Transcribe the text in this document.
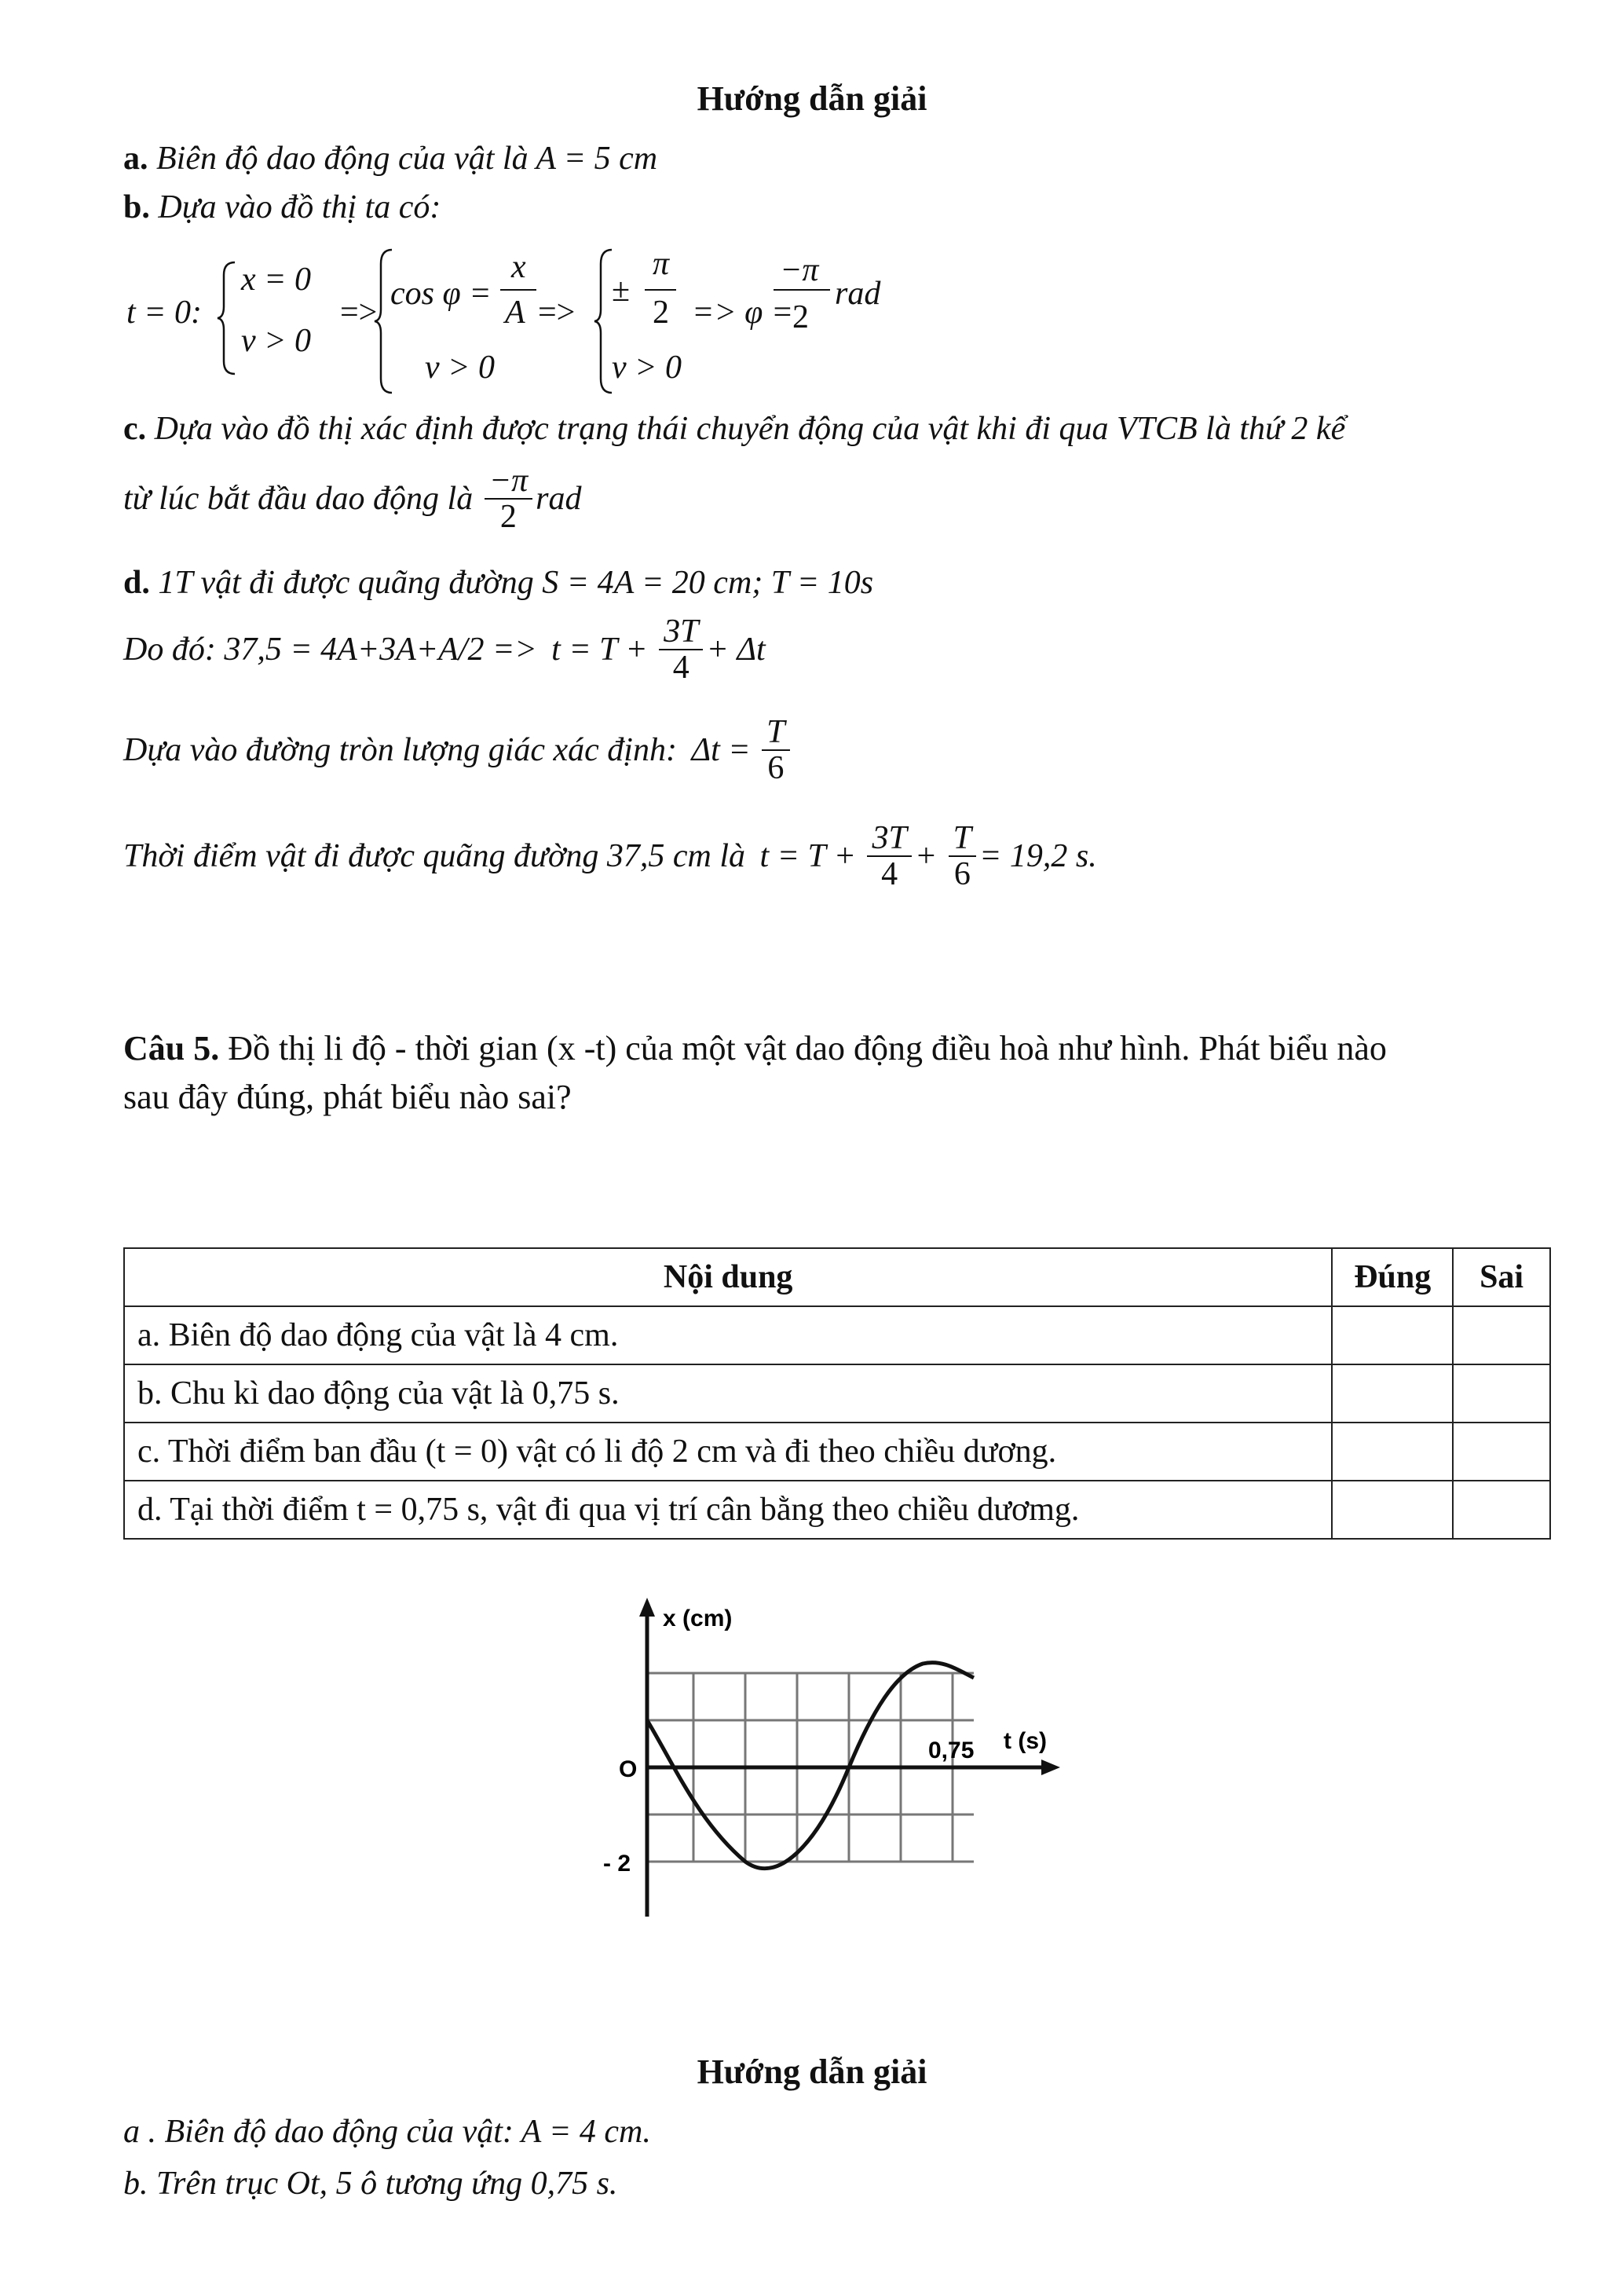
Hướng dẫn giải
a. Biên độ dao động của vật là A = 5 cm
b. Dựa vào đồ thị ta có:
t = 0:
x = 0
v > 0
=>
cos φ =
x
A =>
v > 0
±
π
2 => φ =
−π
2
rad
v > 0
c. Dựa vào đồ thị xác định được trạng thái chuyển động của vật khi đi qua VTCB là thứ 2 kể
từ lúc bắt đầu dao động là $\frac{-\pi}{2}$ rad
d. 1T vật đi được quãng đường S = 4A = 20 cm; T = 10s
Do đó: $37,5 = 4A+3A+A/2 => t = T + \frac{3T}{4} + \Delta t$
Dựa vào đường tròn lượng giác xác định: $\Delta t = \frac{T}{6}$
Thời điểm vật đi được quãng đường 37,5 cm là $t = T + \frac{3T}{4} + \frac{T}{6} = 19,2$ s.
Câu 5. Đồ thị li độ - thời gian (x -t) của một vật dao động điều hoà như hình. Phát biểu nào
sau đây đúng, phát biểu nào sai?
Nội dung	Đúng	Sai
a. Biên độ dao động của vật là 4 cm.		
b. Chu kì dao động của vật là 0,75 s.		
c. Thời điểm ban đầu (t = 0) vật có li độ 2 cm và đi theo chiều dương.		
d. Tại thời điểm t = 0,75 s, vật đi qua vị trí cân bằng theo chiều dươmg.		
x (cm)
t (s)
O
- 2
0,75
Hướng dẫn giải
a . Biên độ dao động của vật: A = 4 cm.
b. Trên trục Ot, 5 ô tương ứng 0,75 s.
